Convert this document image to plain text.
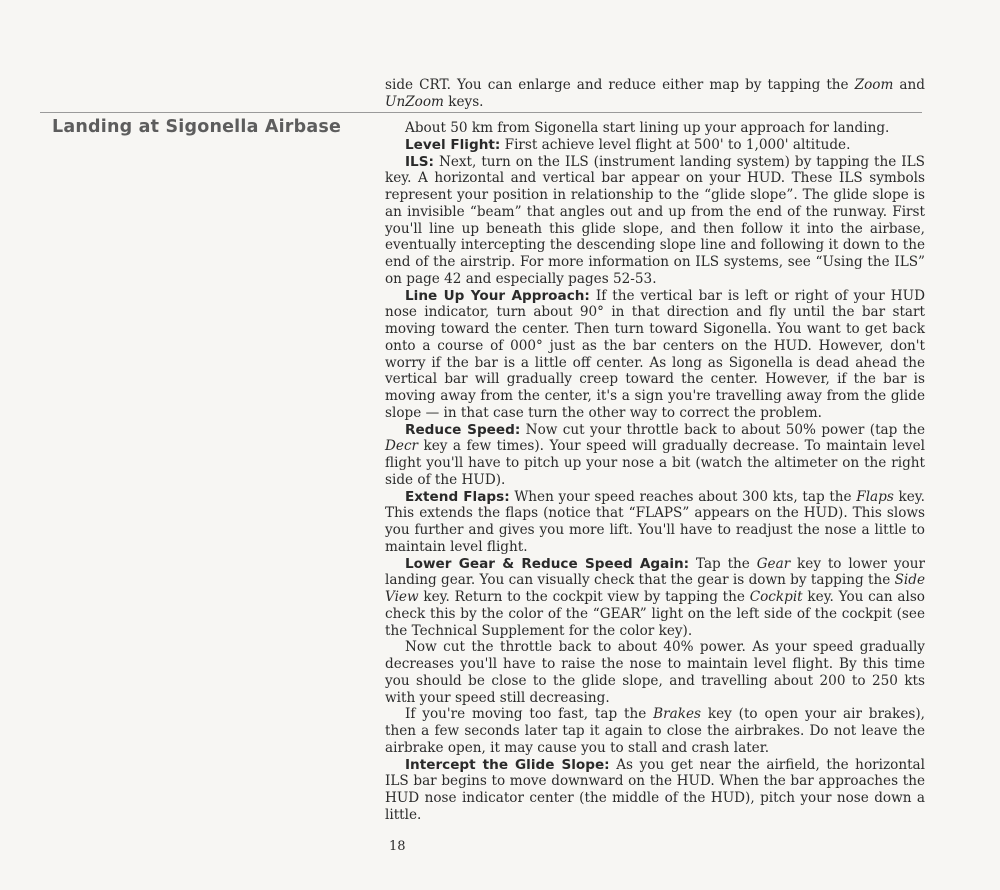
side CRT. You can enlarge and reduce either map by tapping the Zoom and UnZoom keys.
Landing at Sigonella Airbase	About 50 km from Sigonella start lining up your approach for landing.

Level Flight: First achieve level flight at 500' to 1,000' altitude.

ILS: Next, turn on the ILS (instrument landing system) by tapping the ILS key. A horizontal and vertical bar appear on your HUD. These ILS symbols represent your position in relationship to the “glide slope”. The glide slope is an invisible “beam” that angles out and up from the end of the runway. First you'll line up beneath this glide slope, and then follow it into the airbase, eventually intercepting the descending slope line and following it down to the end of the airstrip. For more information on ILS systems, see “Using the ILS” on page 42 and especially pages 52-53.

Line Up Your Approach: If the vertical bar is left or right of your HUD nose indicator, turn about 90° in that direction and fly until the bar start moving toward the center. Then turn toward Sigonella. You want to get back onto a course of 000° just as the bar centers on the HUD. However, don't worry if the bar is a little off center. As long as Sigonella is dead ahead the vertical bar will gradually creep toward the center. However, if the bar is moving away from the center, it's a sign you're travelling away from the glide slope — in that case turn the other way to correct the problem.

Reduce Speed: Now cut your throttle back to about 50% power (tap the Decr key a few times). Your speed will gradually decrease. To maintain level flight you'll have to pitch up your nose a bit (watch the altimeter on the right side of the HUD).

Extend Flaps: When your speed reaches about 300 kts, tap the Flaps key. This extends the flaps (notice that “FLAPS” appears on the HUD). This slows you further and gives you more lift. You'll have to readjust the nose a little to maintain level flight.

Lower Gear & Reduce Speed Again: Tap the Gear key to lower your landing gear. You can visually check that the gear is down by tapping the Side View key. Return to the cockpit view by tapping the Cockpit key. You can also check this by the color of the “GEAR” light on the left side of the cockpit (see the Technical Supplement for the color key).

Now cut the throttle back to about 40% power. As your speed gradually decreases you'll have to raise the nose to maintain level flight. By this time you should be close to the glide slope, and travelling about 200 to 250 kts with your speed still decreasing.

If you're moving too fast, tap the Brakes key (to open your air brakes), then a few seconds later tap it again to close the airbrakes. Do not leave the airbrake open, it may cause you to stall and crash later.

Intercept the Glide Slope: As you get near the airfield, the horizontal ILS bar begins to move downward on the HUD. When the bar approaches the HUD nose indicator center (the middle of the HUD), pitch your nose down a little.

18
